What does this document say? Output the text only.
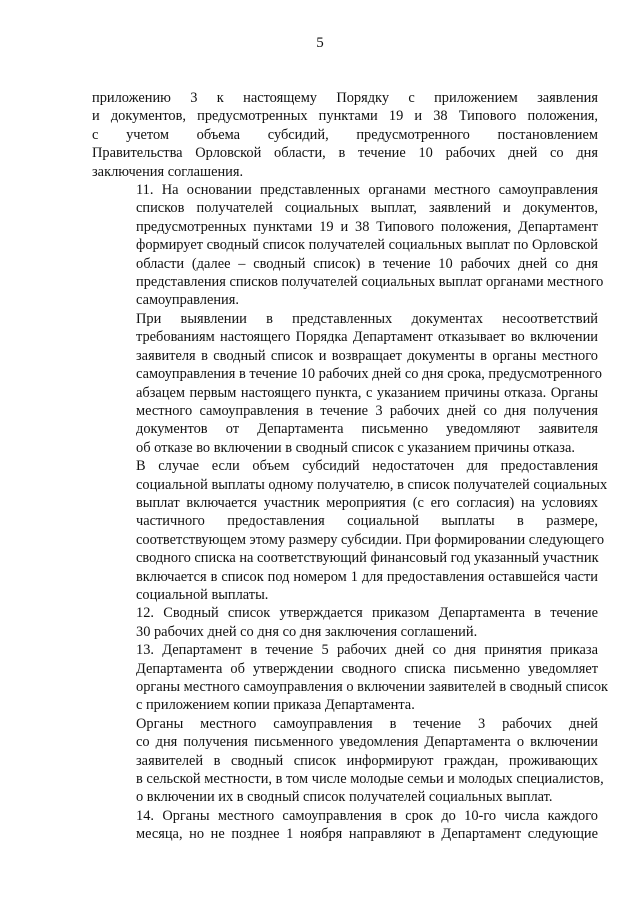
5

приложению 3 к настоящему Порядку с приложением заявления
и документов, предусмотренных пунктами 19 и 38 Типового положения,
с учетом объема субсидий, предусмотренного постановлением
Правительства Орловской области, в течение 10 рабочих дней со дня
заключения соглашения.

11. На основании представленных органами местного самоуправления
списков получателей социальных выплат, заявлений и документов,
предусмотренных пунктами 19 и 38 Типового положения, Департамент
формирует сводный список получателей социальных выплат по Орловской
области (далее – сводный список) в течение 10 рабочих дней со дня
представления списков получателей социальных выплат органами местного
самоуправления.

При выявлении в представленных документах несоответствий
требованиям настоящего Порядка Департамент отказывает во включении
заявителя в сводный список и возвращает документы в органы местного
самоуправления в течение 10 рабочих дней со дня срока, предусмотренного
абзацем первым настоящего пункта, с указанием причины отказа. Органы
местного самоуправления в течение 3 рабочих дней со дня получения
документов от Департамента письменно уведомляют заявителя
об отказе во включении в сводный список с указанием причины отказа.

В случае если объем субсидий недостаточен для предоставления
социальной выплаты одному получателю, в список получателей социальных
выплат включается участник мероприятия (с его согласия) на условиях
частичного предоставления социальной выплаты в размере,
соответствующем этому размеру субсидии. При формировании следующего
сводного списка на соответствующий финансовый год указанный участник
включается в список под номером 1 для предоставления оставшейся части
социальной выплаты.

12. Сводный список утверждается приказом Департамента в течение
30 рабочих дней со дня со дня заключения соглашений.

13. Департамент в течение 5 рабочих дней со дня принятия приказа
Департамента об утверждении сводного списка письменно уведомляет
органы местного самоуправления о включении заявителей в сводный список
с приложением копии приказа Департамента.

Органы местного самоуправления в течение 3 рабочих дней
со дня получения письменного уведомления Департамента о включении
заявителей в сводный список информируют граждан, проживающих
в сельской местности, в том числе молодые семьи и молодых специалистов,
о включении их в сводный список получателей социальных выплат.

14. Органы местного самоуправления в срок до 10-го числа каждого
месяца, но не позднее 1 ноября направляют в Департамент следующие
